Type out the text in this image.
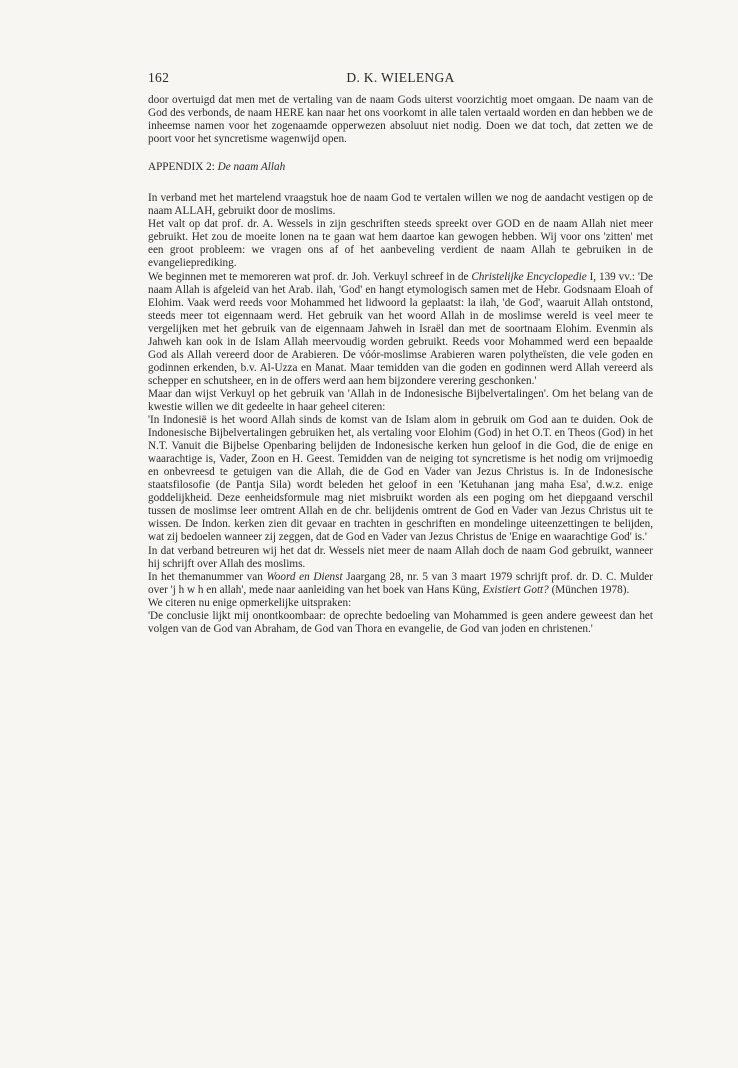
162	D. K. WIELENGA

door overtuigd dat men met de vertaling van de naam Gods uiterst voorzichtig moet omgaan. De naam van de God des verbonds, de naam HERE kan naar het ons voorkomt in alle talen vertaald worden en dan hebben we de inheemse namen voor het zogenaamde opperwezen absoluut niet nodig. Doen we dat toch, dat zetten we de poort voor het syncretisme wagenwijd open.

APPENDIX 2: De naam Allah

In verband met het martelend vraagstuk hoe de naam God te vertalen willen we nog de aandacht vestigen op de naam ALLAH, gebruikt door de moslims.

Het valt op dat prof. dr. A. Wessels in zijn geschriften steeds spreekt over GOD en de naam Allah niet meer gebruikt. Het zou de moeite lonen na te gaan wat hem daartoe kan gewogen hebben. Wij voor ons 'zitten' met een groot probleem: we vragen ons af of het aanbeveling verdient de naam Allah te gebruiken in de evangelieprediking.

We beginnen met te memoreren wat prof. dr. Joh. Verkuyl schreef in de Christelijke Encyclopedie I, 139 vv.: 'De naam Allah is afgeleid van het Arab. ilah, 'God' en hangt etymologisch samen met de Hebr. Godsnaam Eloah of Elohim. Vaak werd reeds voor Mohammed het lidwoord la geplaatst: la ilah, 'de God', waaruit Allah ontstond, steeds meer tot eigennaam werd. Het gebruik van het woord Allah in de moslimse wereld is veel meer te vergelijken met het gebruik van de eigennaam Jahweh in Israël dan met de soortnaam Elohim. Evenmin als Jahweh kan ook in de Islam Allah meervoudig worden gebruikt. Reeds voor Mohammed werd een bepaalde God als Allah vereerd door de Arabieren. De vóór-moslimse Arabieren waren polytheïsten, die vele goden en godinnen erkenden, b.v. Al-Uzza en Manat. Maar temidden van die goden en godinnen werd Allah vereerd als schepper en schutsheer, en in de offers werd aan hem bijzondere verering geschonken.'

Maar dan wijst Verkuyl op het gebruik van 'Allah in de Indonesische Bijbelvertalingen'. Om het belang van de kwestie willen we dit gedeelte in haar geheel citeren:

'In Indonesië is het woord Allah sinds de komst van de Islam alom in gebruik om God aan te duiden. Ook de Indonesische Bijbelvertalingen gebruiken het, als vertaling voor Elohim (God) in het O.T. en Theos (God) in het N.T. Vanuit die Bijbelse Openbaring belijden de Indonesische kerken hun geloof in die God, die de enige en waarachtige is, Vader, Zoon en H. Geest. Temidden van de neiging tot syncretisme is het nodig om vrijmoedig en onbevreesd te getuigen van die Allah, die de God en Vader van Jezus Christus is. In de Indonesische staatsfilosofie (de Pantja Sila) wordt beleden het geloof in een 'Ketuhanan jang maha Esa', d.w.z. enige goddelijkheid. Deze eenheidsformule mag niet misbruikt worden als een poging om het diepgaand verschil tussen de moslimse leer omtrent Allah en de chr. belijdenis omtrent de God en Vader van Jezus Christus uit te wissen. De Indon. kerken zien dit gevaar en trachten in geschriften en mondelinge uiteenzettingen te belijden, wat zij bedoelen wanneer zij zeggen, dat de God en Vader van Jezus Christus de 'Enige en waarachtige God' is.'

In dat verband betreuren wij het dat dr. Wessels niet meer de naam Allah doch de naam God gebruikt, wanneer hij schrijft over Allah des moslims.

In het themanummer van Woord en Dienst Jaargang 28, nr. 5 van 3 maart 1979 schrijft prof. dr. D. C. Mulder over 'j h w h en allah', mede naar aanleiding van het boek van Hans Küng, Existiert Gott? (München 1978).

We citeren nu enige opmerkelijke uitspraken:

'De conclusie lijkt mij onontkoombaar: de oprechte bedoeling van Mohammed is geen andere geweest dan het volgen van de God van Abraham, de God van Thora en evangelie, de God van joden en christenen.'
